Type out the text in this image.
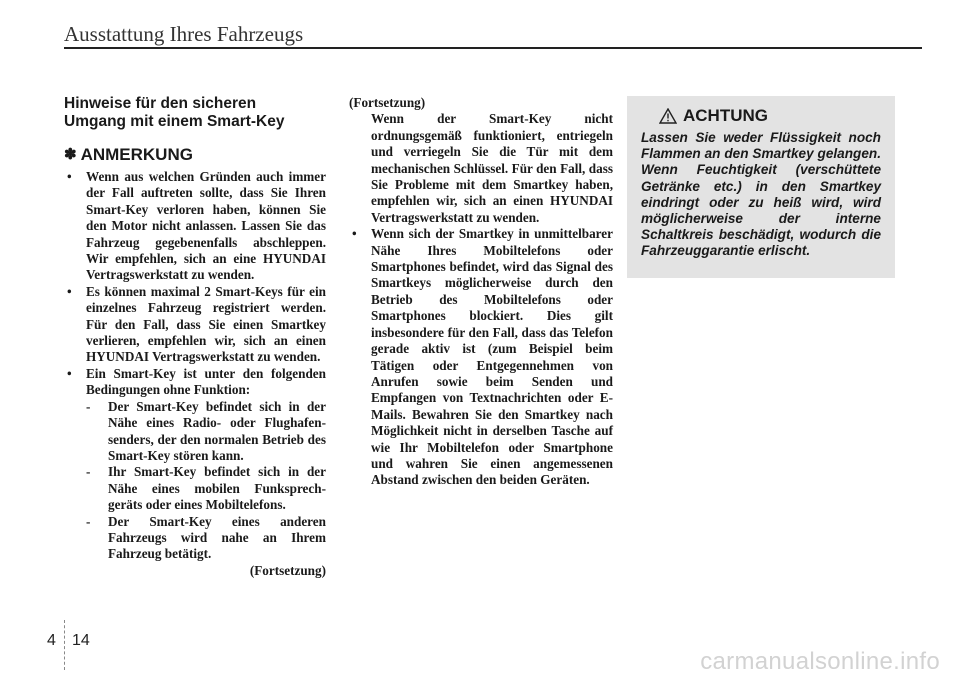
Ausstattung Ihres Fahrzeugs
Hinweise für den sicheren
Umgang mit einem Smart-Key
✽ ANMERKUNG
• Wenn aus welchen Gründen auch immer der Fall auftreten sollte, dass Sie Ihren Smart-Key verloren haben, können Sie den Motor nicht anlassen. Lassen Sie das Fahrzeug gegebenenfalls abschleppen. Wir empfehlen, sich an eine HYUNDAI Vertragswerkstatt zu wenden.
• Es können maximal 2 Smart-Keys für ein einzelnes Fahrzeug registriert werden. Für den Fall, dass Sie einen Smartkey verlieren, empfehlen wir, sich an einen HYUNDAI Vertragswerkstatt zu wenden.
• Ein Smart-Key ist unter den folgenden Bedingungen ohne Funktion:
- Der Smart-Key befindet sich in der Nähe eines Radio- oder Flughafen-senders, der den normalen Betrieb des Smart-Key stören kann.
- Ihr Smart-Key befindet sich in der Nähe eines mobilen Funksprech-geräts oder eines Mobiltelefons.
- Der Smart-Key eines anderen Fahrzeugs wird nahe an Ihrem Fahrzeug betätigt.
(Fortsetzung)
(Fortsetzung)
Wenn der Smart-Key nicht ordnungsgemäß funktioniert, entriegeln und verriegeln Sie die Tür mit dem mechanischen Schlüssel. Für den Fall, dass Sie Probleme mit dem Smartkey haben, empfehlen wir, sich an einen HYUNDAI Vertragswerkstatt zu wenden.
• Wenn sich der Smartkey in unmittelbarer Nähe Ihres Mobiltelefons oder Smartphones befindet, wird das Signal des Smartkeys möglicherweise durch den Betrieb des Mobiltelefons oder Smartphones blockiert. Dies gilt insbesondere für den Fall, dass das Telefon gerade aktiv ist (zum Beispiel beim Tätigen oder Entgegennehmen von Anrufen sowie beim Senden und Empfangen von Textnachrichten oder E-Mails. Bewahren Sie den Smartkey nach Möglichkeit nicht in derselben Tasche auf wie Ihr Mobiltelefon oder Smartphone und wahren Sie einen angemessenen Abstand zwischen den beiden Geräten.
ACHTUNG
Lassen Sie weder Flüssigkeit noch Flammen an den Smartkey gelangen. Wenn Feuchtigkeit (verschüttete Getränke etc.) in den Smartkey eindringt oder zu heiß wird, wird möglicherweise der interne Schaltkreis beschädigt, wodurch die Fahrzeuggarantie erlischt.
4 14
carmanualsonline.info
